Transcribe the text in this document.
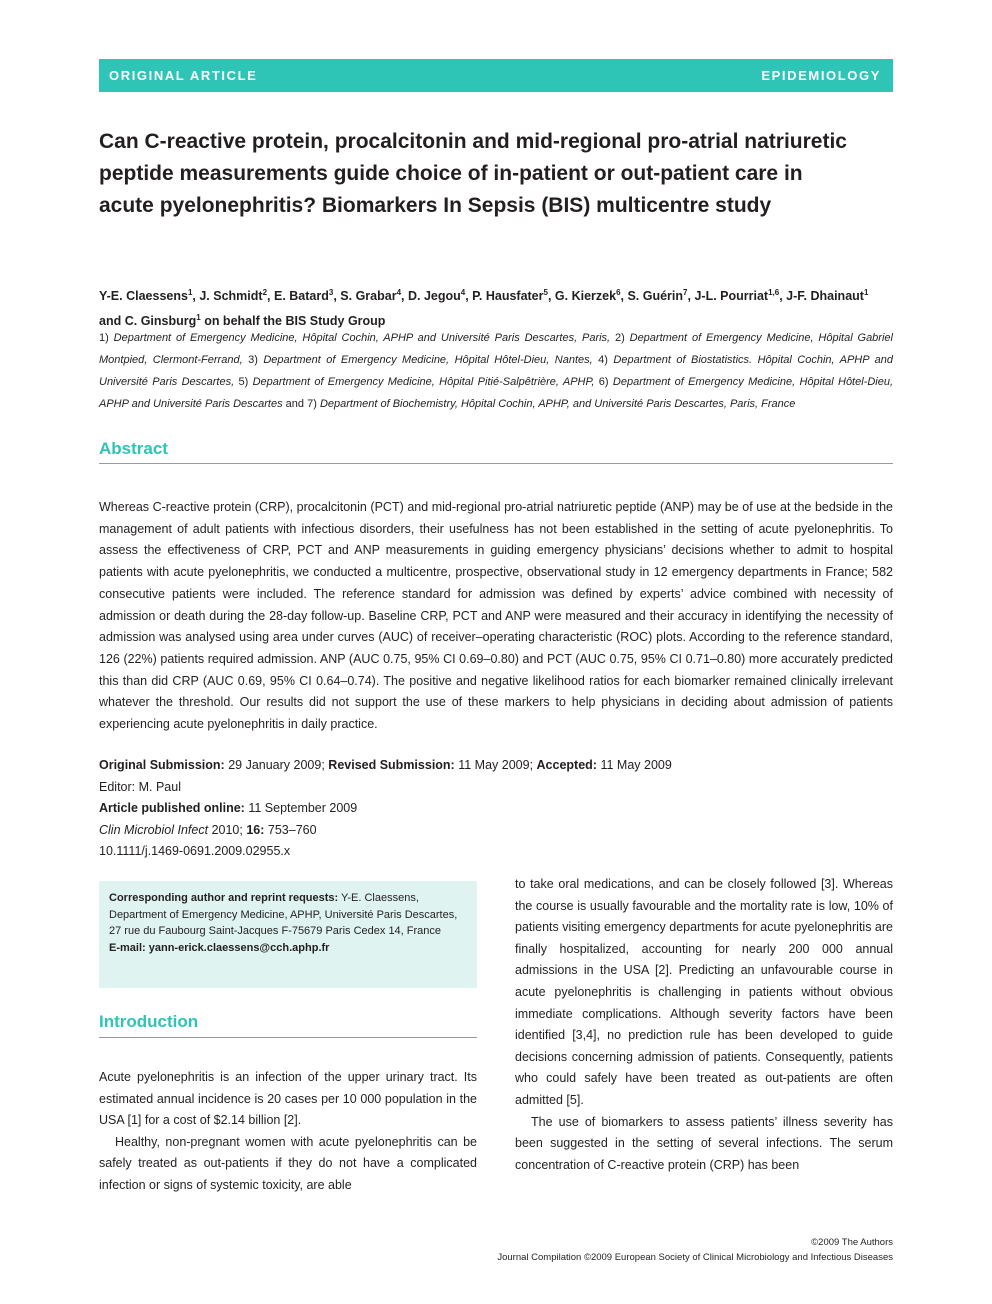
ORIGINAL ARTICLE	EPIDEMIOLOGY
Can C-reactive protein, procalcitonin and mid-regional pro-atrial natriuretic peptide measurements guide choice of in-patient or out-patient care in acute pyelonephritis? Biomarkers In Sepsis (BIS) multicentre study
Y-E. Claessens$^1$, J. Schmidt$^2$, E. Batard$^3$, S. Grabar$^4$, D. Jegou$^4$, P. Hausfater$^5$, G. Kierzek$^6$, S. Guérin$^7$, J-L. Pourriat$^{1,6}$, J-F. Dhainaut$^1$ and C. Ginsburg$^1$ on behalf the BIS Study Group
1) Department of Emergency Medicine, Hôpital Cochin, APHP and Université Paris Descartes, Paris, 2) Department of Emergency Medicine, Hôpital Gabriel Montpied, Clermont-Ferrand, 3) Department of Emergency Medicine, Hôpital Hôtel-Dieu, Nantes, 4) Department of Biostatistics. Hôpital Cochin, APHP and Université Paris Descartes, 5) Department of Emergency Medicine, Hôpital Pitié-Salpêtrière, APHP, 6) Department of Emergency Medicine, Hôpital Hôtel-Dieu, APHP and Université Paris Descartes and 7) Department of Biochemistry, Hôpital Cochin, APHP, and Université Paris Descartes, Paris, France
Abstract

Whereas C-reactive protein (CRP), procalcitonin (PCT) and mid-regional pro-atrial natriuretic peptide (ANP) may be of use at the bedside in the management of adult patients with infectious disorders, their usefulness has not been established in the setting of acute pyelonephritis. To assess the effectiveness of CRP, PCT and ANP measurements in guiding emergency physicians’ decisions whether to admit to hospital patients with acute pyelonephritis, we conducted a multicentre, prospective, observational study in 12 emergency departments in France; 582 consecutive patients were included. The reference standard for admission was defined by experts’ advice combined with necessity of admission or death during the 28-day follow-up. Baseline CRP, PCT and ANP were measured and their accuracy in identifying the necessity of admission was analysed using area under curves (AUC) of receiver–operating characteristic (ROC) plots. According to the reference standard, 126 (22%) patients required admission. ANP (AUC 0.75, 95% CI 0.69–0.80) and PCT (AUC 0.75, 95% CI 0.71–0.80) more accurately predicted this than did CRP (AUC 0.69, 95% CI 0.64–0.74). The positive and negative likelihood ratios for each biomarker remained clinically irrelevant whatever the threshold. Our results did not support the use of these markers to help physicians in deciding about admission of patients experiencing acute pyelonephritis in daily practice.

Original Submission: 29 January 2009; Revised Submission: 11 May 2009; Accepted: 11 May 2009
Editor: M. Paul
Article published online: 11 September 2009
Clin Microbiol Infect 2010; 16: 753–760
10.1111/j.1469-0691.2009.02955.x
Corresponding author and reprint requests: Y-E. Claessens, Department of Emergency Medicine, APHP, Université Paris Descartes, 27 rue du Faubourg Saint-Jacques F-75679 Paris Cedex 14, France
E-mail: yann-erick.claessens@cch.aphp.fr
Introduction

Acute pyelonephritis is an infection of the upper urinary tract. Its estimated annual incidence is 20 cases per 10 000 population in the USA [1] for a cost of $2.14 billion [2].

Healthy, non-pregnant women with acute pyelonephritis can be safely treated as out-patients if they do not have a complicated infection or signs of systemic toxicity, are able

to take oral medications, and can be closely followed [3]. Whereas the course is usually favourable and the mortality rate is low, 10% of patients visiting emergency departments for acute pyelonephritis are finally hospitalized, accounting for nearly 200 000 annual admissions in the USA [2]. Predicting an unfavourable course in acute pyelonephritis is challenging in patients without obvious immediate complications. Although severity factors have been identified [3,4], no prediction rule has been developed to guide decisions concerning admission of patients. Consequently, patients who could safely have been treated as out-patients are often admitted [5].

The use of biomarkers to assess patients’ illness severity has been suggested in the setting of several infections. The serum concentration of C-reactive protein (CRP) has been

©2009 The Authors
Journal Compilation ©2009 European Society of Clinical Microbiology and Infectious Diseases
